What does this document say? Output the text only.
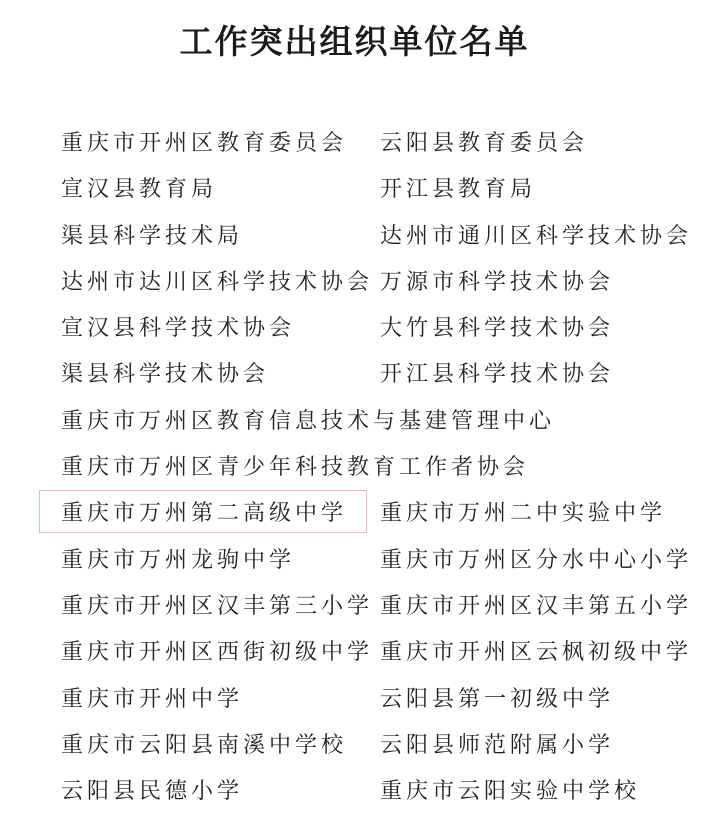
工作突出组织单位名单
重庆市开州区教育委员会 云阳县教育委员会
宣汉县教育局	开江县教育局
渠县科学技术局	达州市通川区科学技术协会
达州市达川区科学技术协会 万源市科学技术协会
宣汉县科学技术协会	大竹县科学技术协会
渠县科学技术协会	开江县科学技术协会
重庆市万州区教育信息技术与基建管理中心
重庆市万州区青少年科技教育工作者协会
重庆市万州第二高级中学 重庆市万州二中实验中学
重庆市万州龙驹中学	重庆市万州区分水中心小学
重庆市开州区汉丰第三小学 重庆市开州区汉丰第五小学
重庆市开州区西街初级中学 重庆市开州区云枫初级中学
重庆市开州中学	云阳县第一初级中学
重庆市云阳县南溪中学校 云阳县师范附属小学
云阳县民德小学	重庆市云阳实验中学校
